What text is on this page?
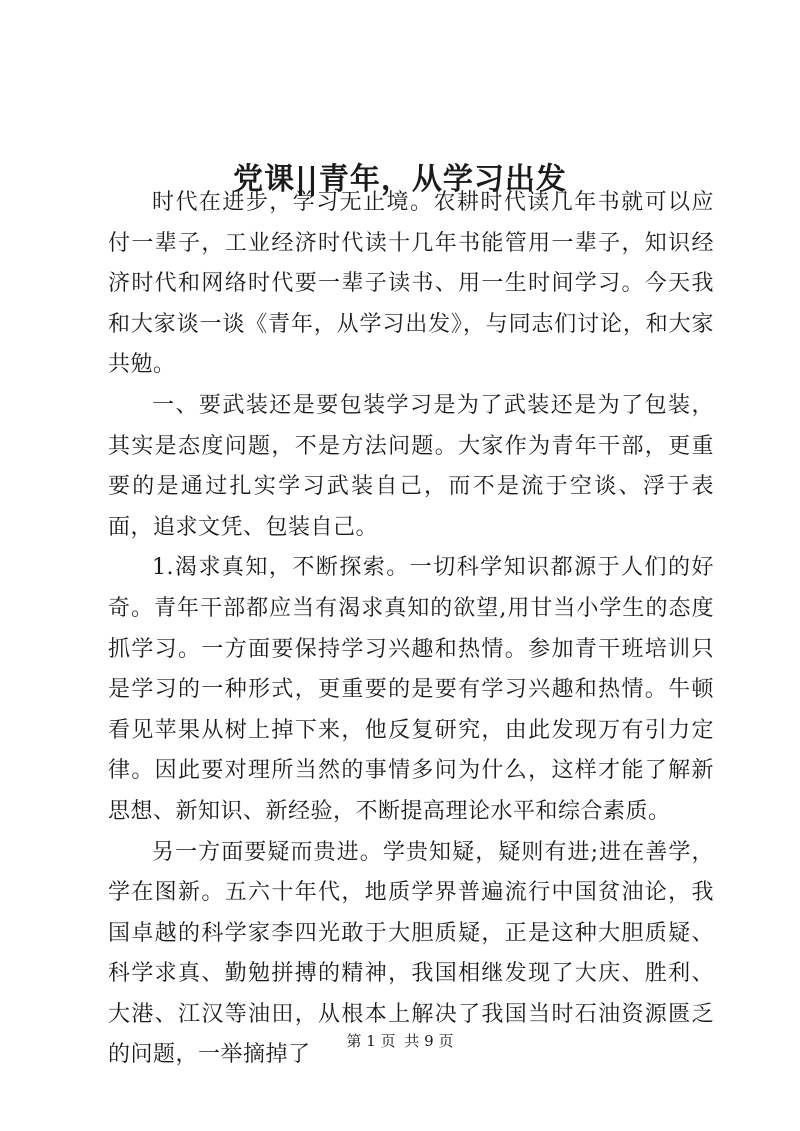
党课||青年，从学习出发

时代在进步，学习无止境。农耕时代读几年书就可以应付一辈子，工业经济时代读十几年书能管用一辈子，知识经济时代和网络时代要一辈子读书、用一生时间学习。今天我和大家谈一谈《青年，从学习出发》，与同志们讨论，和大家共勉。

一、要武装还是要包装学习是为了武装还是为了包装，其实是态度问题，不是方法问题。大家作为青年干部，更重要的是通过扎实学习武装自己，而不是流于空谈、浮于表面，追求文凭、包装自己。

1.渴求真知，不断探索。一切科学知识都源于人们的好奇。青年干部都应当有渴求真知的欲望,用甘当小学生的态度抓学习。一方面要保持学习兴趣和热情。参加青干班培训只是学习的一种形式，更重要的是要有学习兴趣和热情。牛顿看见苹果从树上掉下来，他反复研究，由此发现万有引力定律。因此要对理所当然的事情多问为什么，这样才能了解新思想、新知识、新经验，不断提高理论水平和综合素质。

另一方面要疑而贵进。学贵知疑，疑则有进;进在善学，学在图新。五六十年代，地质学界普遍流行中国贫油论，我国卓越的科学家李四光敢于大胆质疑，正是这种大胆质疑、科学求真、勤勉拼搏的精神，我国相继发现了大庆、胜利、大港、江汉等油田，从根本上解决了我国当时石油资源匮乏的问题，一举摘掉了

第 1 页 共 9 页
